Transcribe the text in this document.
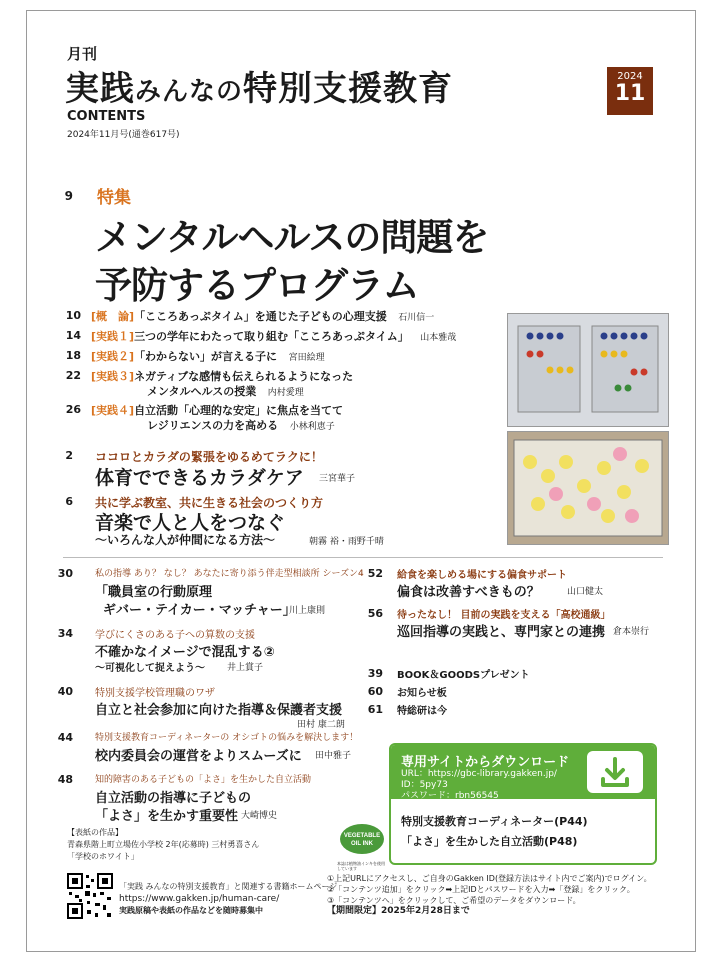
月刊
実践みんなの特別支援教育	2024
11
CONTENTS
2024年11月号(通巻617号)
9 特集
メンタルヘルスの問題を
予防するプログラム
10 [概　論]「こころあっぷタイム」を通じた子どもの心理支援 石川信一
14 [実践１]三つの学年にわたって取り組む「こころあっぷタイム」 山本雅哉
18 [実践２]「わからない」が言える子に 宮田絵理
22 [実践３]ネガティブな感情も伝えられるようになった
メンタルヘルスの授業 内村愛理
26 [実践４]自立活動「心理的な安定」に焦点を当てて
レジリエンスの力を高める 小林利恵子
2 ココロとカラダの緊張をゆるめてラクに！
体育でできるカラダケア 三宮華子
6 共に学ぶ教室、共に生きる社会のつくり方
音楽で人と人をつなぐ
〜いろんな人が仲間になる方法〜	朝霧 裕・雨野千晴
30 私の指導 あり？ なし？ あなたに寄り添う伴走型相談所 シーズン4
「職員室の行動原理
ギバー・テイカー・マッチャー」
川上康則
34 学びにくさのある子への算数の支援
不確かなイメージで混乱する②
〜可視化して捉えよう〜 井上賞子
40 特別支援学校管理職のワザ
自立と社会参加に向けた指導＆保護者支援
田村 康二朗
44 特別支援教育コーディネーターの オシゴトの悩みを解決します！
校内委員会の運営をよりスムーズに 田中雅子
48 知的障害のある子どもの「よさ」を生かした自立活動
自立活動の指導に子どもの
「よさ」を生かす重要性 大崎博史
52 給食を楽しめる場にする偏食サポート
偏食は改善すべきもの？	山口健太
56 待ったなし！ 目前の実践を支える「高校通級」
巡回指導の実践と、専門家との連携 倉本崇行
39 BOOK＆GOODSプレゼント
60 お知らせ板
61 特総研は今
専用サイトからダウンロード
URL：https://gbc-library.gakken.jp/
ID：5py73
パスワード：rbn56545
特別支援教育コーディネーター(P44)
「よさ」を生かした自立活動(P48)
【表紙の作品】
青森県階上町立場佐小学校 2年(応募時) 三村勇喜さん
「学校のホワイト」
VEGETABLE
OIL INK
本誌は植物油インキを使用しています
「実践 みんなの特別支援教育」と関連する書籍ホームページ
https://www.gakken.jp/human-care/
実践原稿や表紙の作品などを随時募集中
①上記URLにアクセスし、ご自身のGakken ID(登録方法はサイト内でご案内)でログイン。
②「コンテンツ追加」をクリック➡上記IDとパスワードを入力➡「登録」をクリック。
③「コンテンツへ」をクリックして、ご希望のデータをダウンロード。
【期間限定】2025年2月28日まで
